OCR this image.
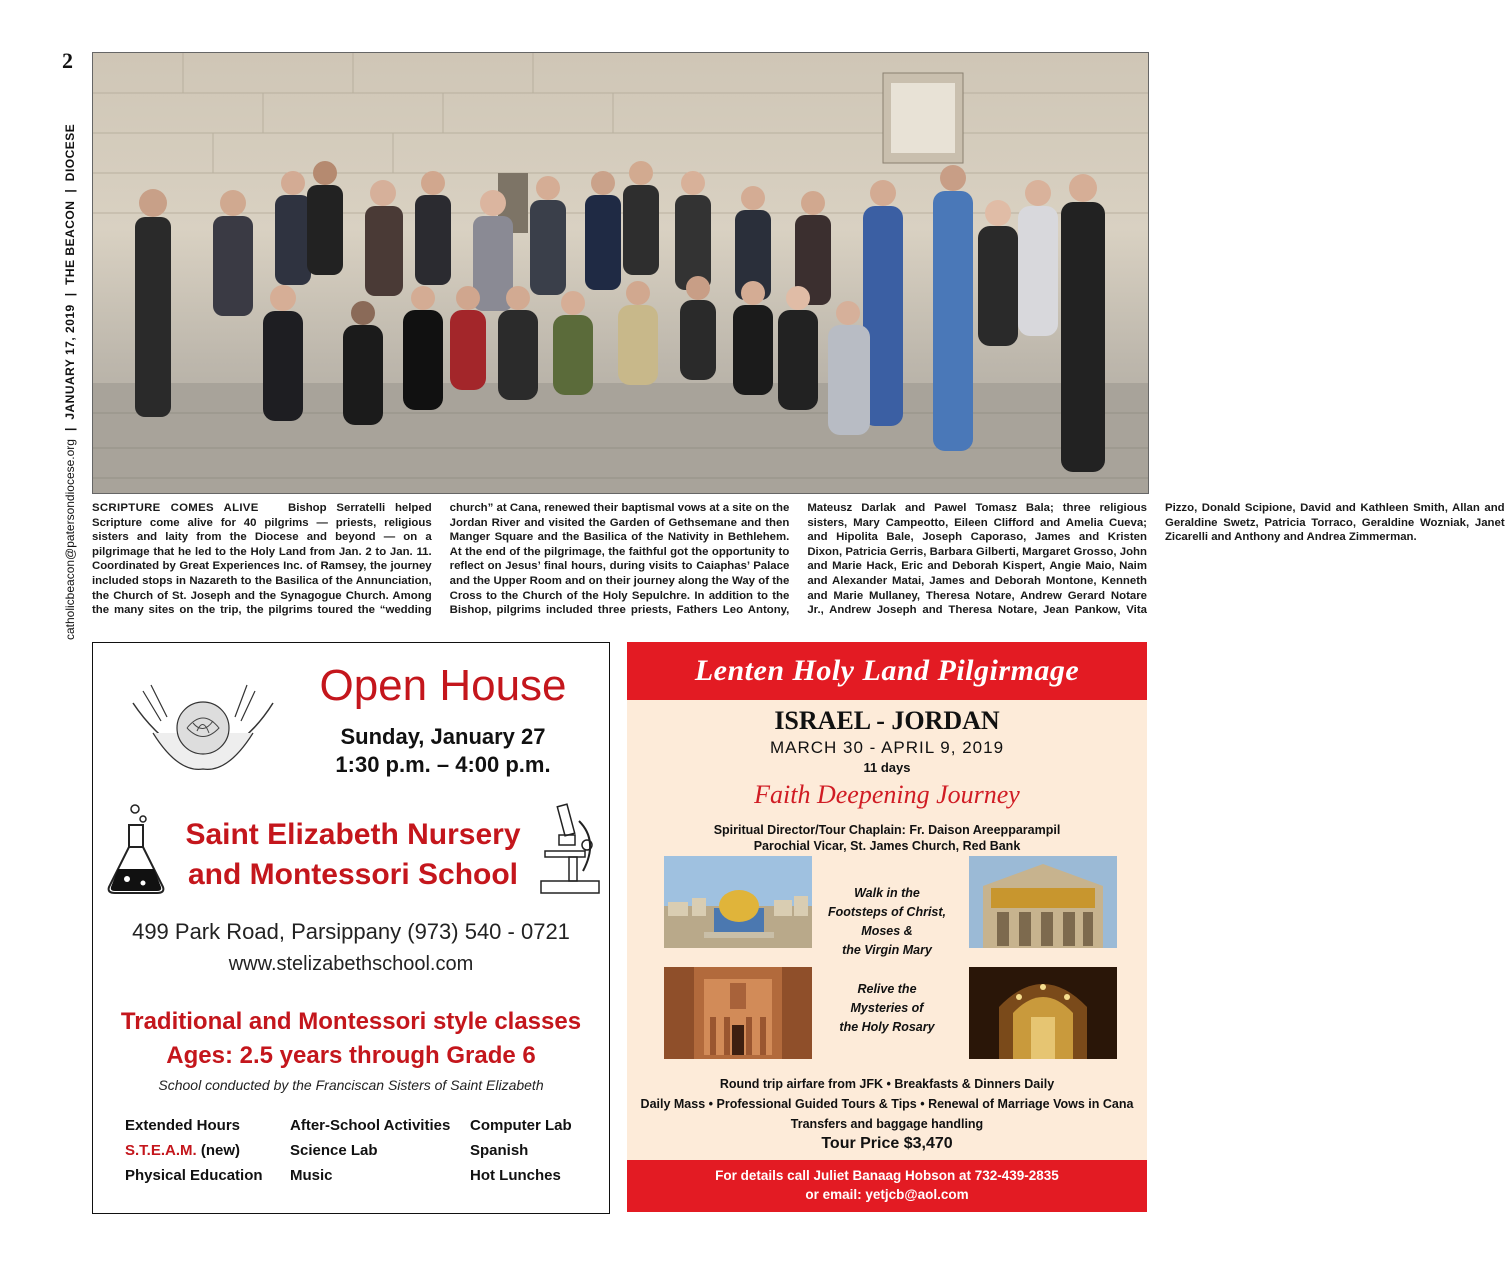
2
catholicbeacon@patersondiocese.org
|
JANUARY 17, 2019
|
THE BEACON
|
DIOCESE
SCRIPTURE COMES ALIVE	Bishop Serratelli helped Scripture come alive for 40 pilgrims — priests, religious sisters and laity from the Diocese and beyond — on a pilgrimage that he led to the Holy Land from Jan. 2 to Jan. 11. Coordinated by Great Experiences Inc. of Ramsey, the journey included stops in Nazareth to the Basilica of the Annunciation, the Church of St. Joseph and the Synagogue Church. Among the many sites on the trip, the pilgrims toured the “wedding church” at Cana, renewed their baptismal vows at a site on the Jordan River and visited the Garden of Gethsemane and then Manger Square and the Basilica of the Nativity in Bethlehem. At the end of the pilgrimage, the faithful got the opportunity to reflect on Jesus’ final hours, during visits to Caiaphas’ Palace and the Upper Room and on their journey along the Way of the Cross to the Church of the Holy Sepulchre. In addition to the Bishop, pilgrims included three priests, Fathers Leo Antony, Mateusz Darlak and Pawel Tomasz Bala; three religious sisters, Mary Campeotto, Eileen Clifford and Amelia Cueva; and Hipolita Bale, Joseph Caporaso, James and Kristen Dixon, Patricia Gerris, Barbara Gilberti, Margaret Grosso, John and Marie Hack, Eric and Deborah Kispert, Angie Maio, Naim and Alexander Matai, James and Deborah Montone, Kenneth and Marie Mullaney, Theresa Notare, Andrew Gerard Notare Jr., Andrew Joseph and Theresa Notare, Jean Pankow, Vita Pizzo, Donald Scipione, David and Kathleen Smith, Allan and Geraldine Swetz, Patricia Torraco, Geraldine Wozniak, Janet Zicarelli and Anthony and Andrea Zimmerman.
Open House
Sunday, January 27
1:30 p.m. – 4:00 p.m.
Saint Elizabeth Nursery
and Montessori School
499 Park Road, Parsippany (973) 540 - 0721
www.stelizabethschool.com
Traditional and Montessori style classes
Ages: 2.5 years through Grade 6
School conducted by the Franciscan Sisters of Saint Elizabeth
Extended Hours	After-School Activities	Computer Lab
S.T.E.A.M. (new)	Science Lab	Spanish
Physical Education	Music	Hot Lunches
Lenten Holy Land Pilgirmage
ISRAEL - JORDAN
MARCH 30 - APRIL 9, 2019
11 days
Faith Deepening Journey
Spiritual Director/Tour Chaplain: Fr. Daison Areepparampil
Parochial Vicar, St. James Church, Red Bank
Walk in the
Footsteps of Christ,
Moses &
the Virgin Mary
Relive the
Mysteries of
the Holy Rosary
Round trip airfare from JFK • Breakfasts & Dinners Daily
Daily Mass • Professional Guided Tours & Tips • Renewal of Marriage Vows in Cana
Transfers and baggage handling
Tour Price $3,470
For details call Juliet Banaag Hobson at 732-439-2835
or email: yetjcb@aol.com
